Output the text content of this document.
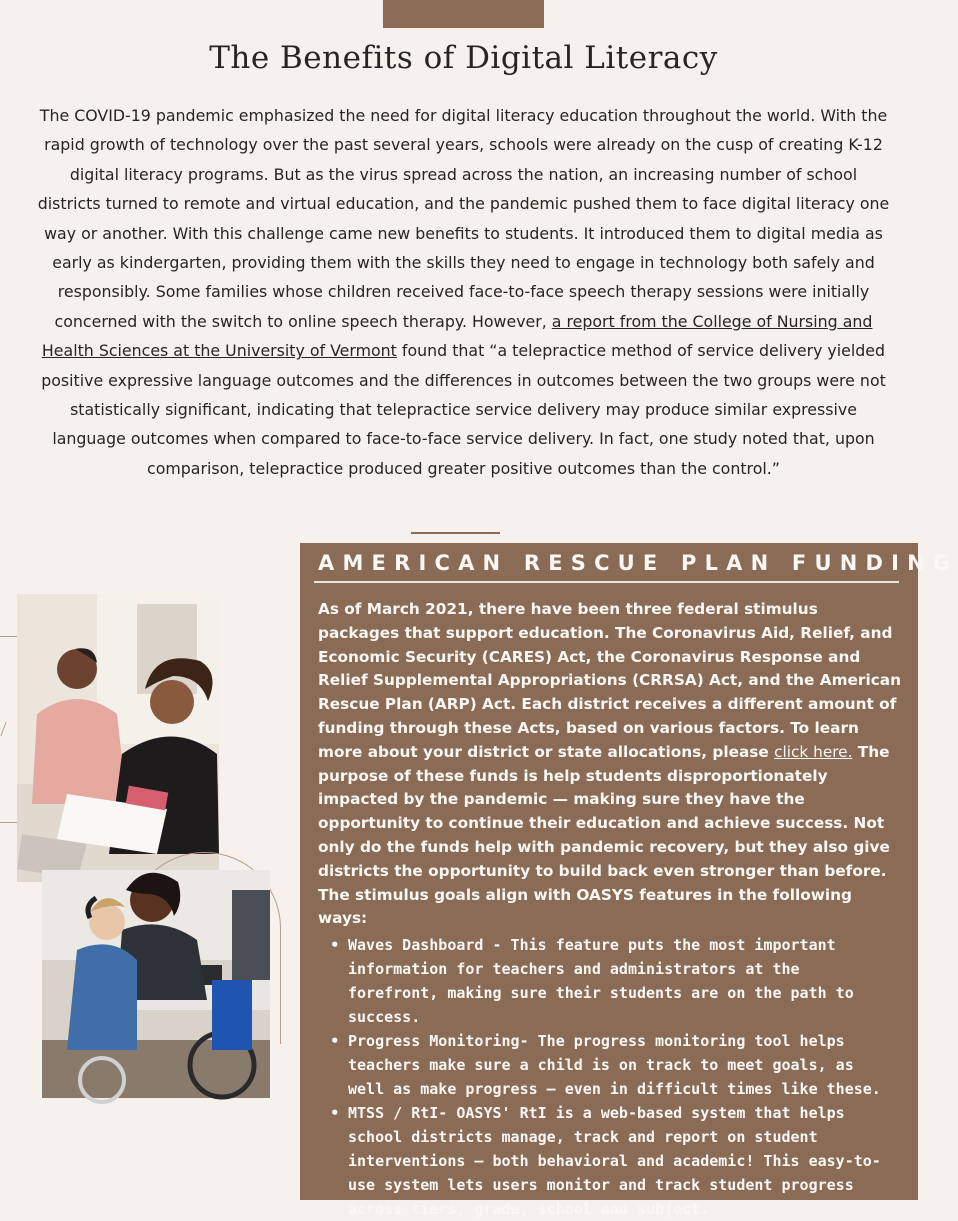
The Benefits of Digital Literacy

The COVID-19 pandemic emphasized the need for digital literacy education throughout the world. With the rapid growth of technology over the past several years, schools were already on the cusp of creating K-12 digital literacy programs. But as the virus spread across the nation, an increasing number of school districts turned to remote and virtual education, and the pandemic pushed them to face digital literacy one way or another. With this challenge came new benefits to students. It introduced them to digital media as early as kindergarten, providing them with the skills they need to engage in technology both safely and responsibly. Some families whose children received face-to-face speech therapy sessions were initially concerned with the switch to online speech therapy. However, a report from the College of Nursing and Health Sciences at the University of Vermont found that “a telepractice method of service delivery yielded positive expressive language outcomes and the differences in outcomes between the two groups were not statistically significant, indicating that telepractice service delivery may produce similar expressive language outcomes when compared to face-to-face service delivery. In fact, one study noted that, upon comparison, telepractice produced greater positive outcomes than the control.”

AMERICAN RESCUE PLAN FUNDING

As of March 2021, there have been three federal stimulus packages that support education. The Coronavirus Aid, Relief, and Economic Security (CARES) Act, the Coronavirus Response and Relief Supplemental Appropriations (CRRSA) Act, and the American Rescue Plan (ARP) Act. Each district receives a different amount of funding through these Acts, based on various factors. To learn more about your district or state allocations, please click here. The purpose of these funds is help students disproportionately impacted by the pandemic — making sure they have the opportunity to continue their education and achieve success. Not only do the funds help with pandemic recovery, but they also give districts the opportunity to build back even stronger than before. The stimulus goals align with OASYS features in the following ways:

• Waves Dashboard - This feature puts the most important information for teachers and administrators at the forefront, making sure their students are on the path to success.
• Progress Monitoring- The progress monitoring tool helps teachers make sure a child is on track to meet goals, as well as make progress — even in difficult times like these.
• MTSS / RtI- OASYS' RtI is a web-based system that helps school districts manage, track and report on student interventions — both behavioral and academic! This easy-to-use system lets users monitor and track student progress across tiers, grade, school and subject.
